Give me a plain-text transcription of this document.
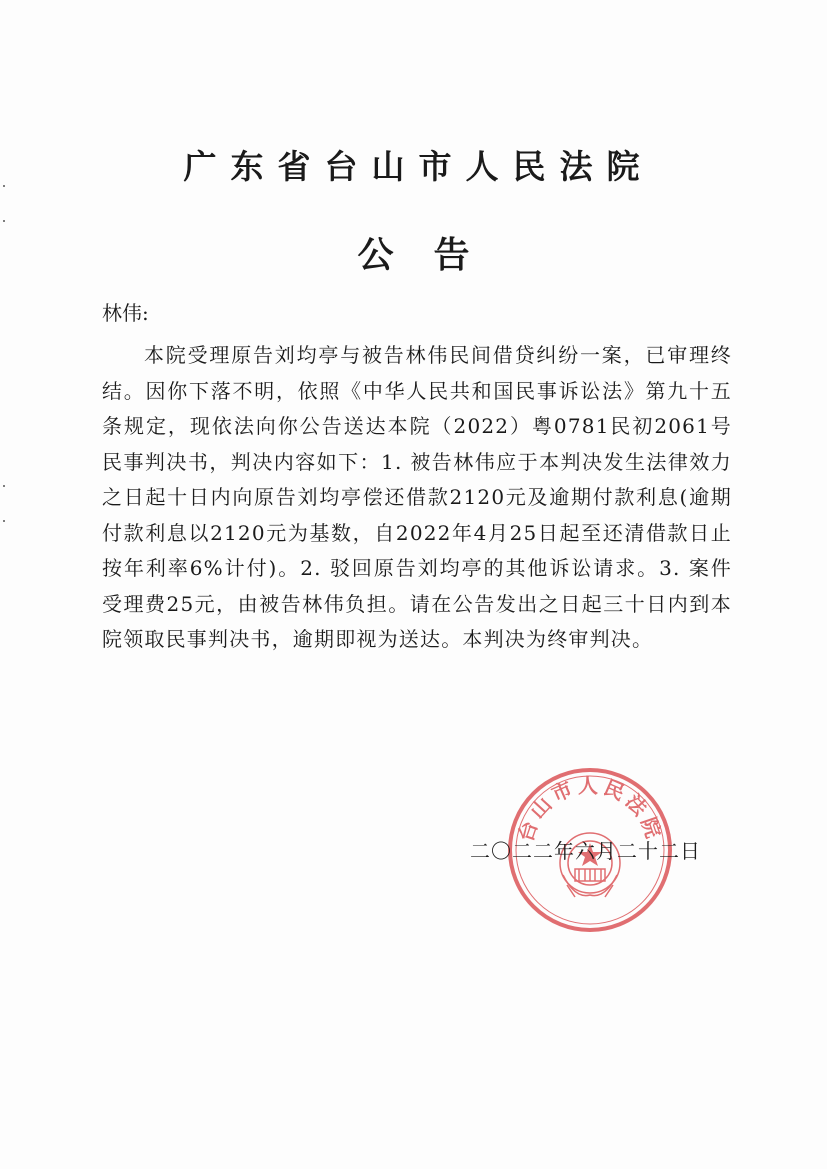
广东省台山市人民法院
公告
林伟:

本院受理原告刘均亭与被告林伟民间借贷纠纷一案，已审理终结。因你下落不明，依照《中华人民共和国民事诉讼法》第九十五条规定，现依法向你公告送达本院（2022）粤0781民初2061号民事判决书，判决内容如下：1. 被告林伟应于本判决发生法律效力之日起十日内向原告刘均亭偿还借款2120元及逾期付款利息(逾期付款利息以2120元为基数，自2022年4月25日起至还清借款日止按年利率6%计付)。2. 驳回原告刘均亭的其他诉讼请求。3. 案件受理费25元，由被告林伟负担。请在公告发出之日起三十日内到本院领取民事判决书，逾期即视为送达。本判决为终审判决。

台山市人民法院
二〇二二年六月二十二日
